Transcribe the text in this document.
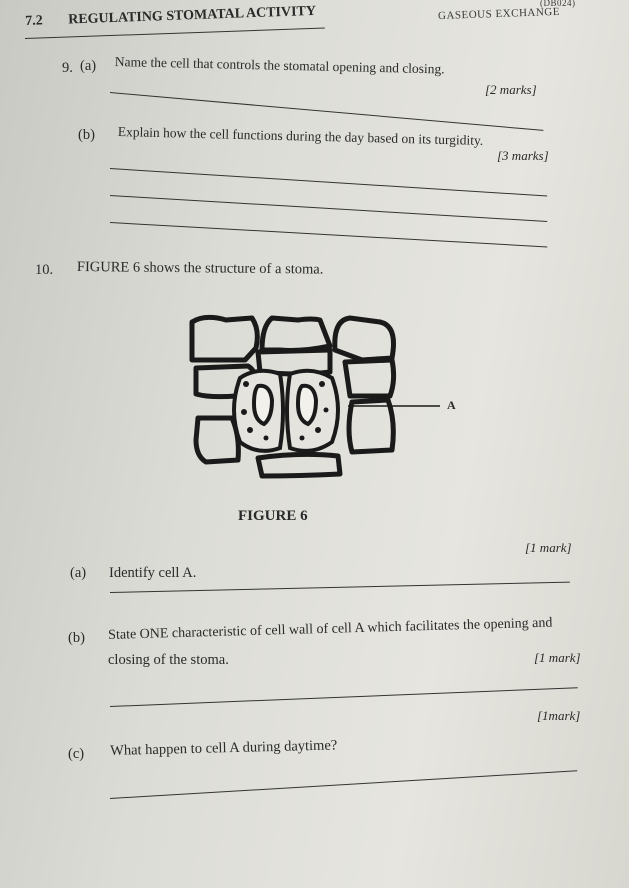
(DB024)
GASEOUS EXCHANGE
7.2 REGULATING STOMATAL ACTIVITY
9. (a) Name the cell that controls the stomatal opening and closing.
[2 marks]
(b) Explain how the cell functions during the day based on its turgidity.
[3 marks]
10. FIGURE 6 shows the structure of a stoma.
A
FIGURE 6
[1 mark]
(a) Identify cell A.
(b) State ONE characteristic of cell wall of cell A which facilitates the opening and
closing of the stoma.	[1 mark]
[1mark]
(c) What happen to cell A during daytime?
